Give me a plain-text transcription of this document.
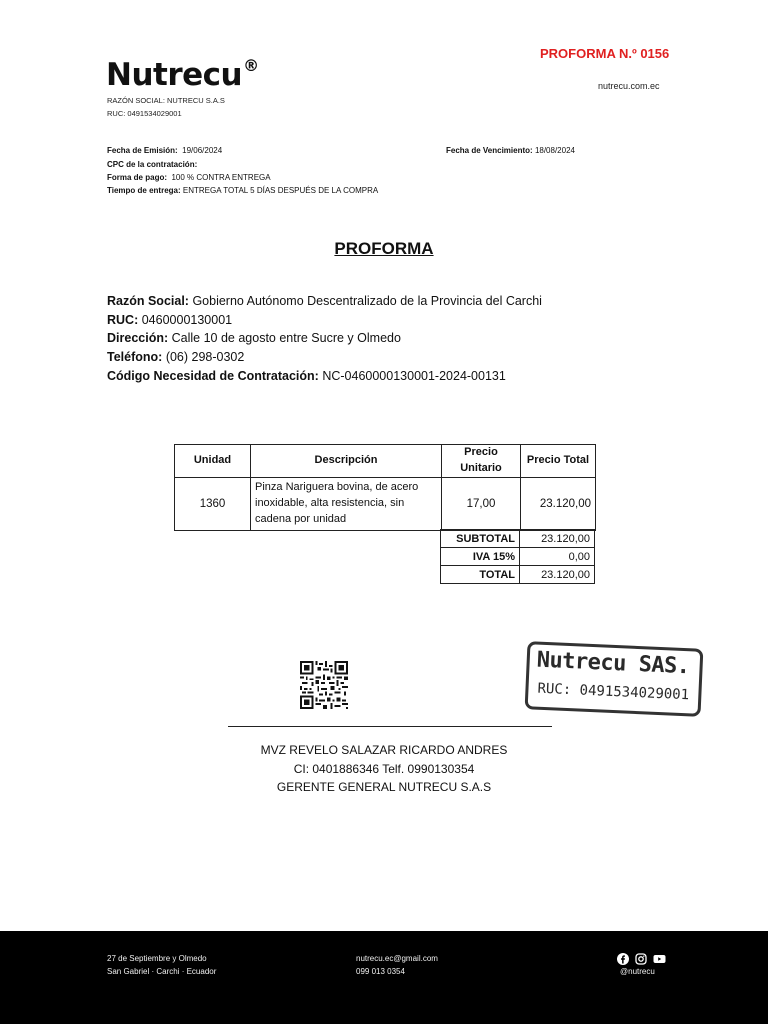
PROFORMA N.º 0156
Nutrecu®
nutrecu.com.ec
RAZÓN SOCIAL: NUTRECU S.A.S
RUC: 0491534029001
Fecha de Emisión: 19/06/2024
CPC de la contratación:
Forma de pago: 100 % CONTRA ENTREGA
Tiempo de entrega: ENTREGA TOTAL 5 DÍAS DESPUÉS DE LA COMPRA
Fecha de Vencimiento: 18/08/2024
PROFORMA
Razón Social: Gobierno Autónomo Descentralizado de la Provincia del Carchi
RUC: 0460000130001
Dirección: Calle 10 de agosto entre Sucre y Olmedo
Teléfono: (06) 298-0302
Código Necesidad de Contratación: NC-0460000130001-2024-00131
Unidad	Descripción	Precio Unitario	Precio Total
1360	Pinza Nariguera bovina, de acero inoxidable, alta resistencia, sin cadena por unidad	17,00	23.120,00
SUBTOTAL	23.120,00
IVA 15%	0,00
TOTAL	23.120,00
Nutrecu SAS.
RUC: 0491534029001
MVZ REVELO SALAZAR RICARDO ANDRES
CI: 0401886346 Telf. 0990130354
GERENTE GENERAL NUTRECU S.A.S
27 de Septiembre y Olmedo
San Gabriel · Carchi · Ecuador
nutrecu.ec@gmail.com
099 013 0354	@nutrecu
